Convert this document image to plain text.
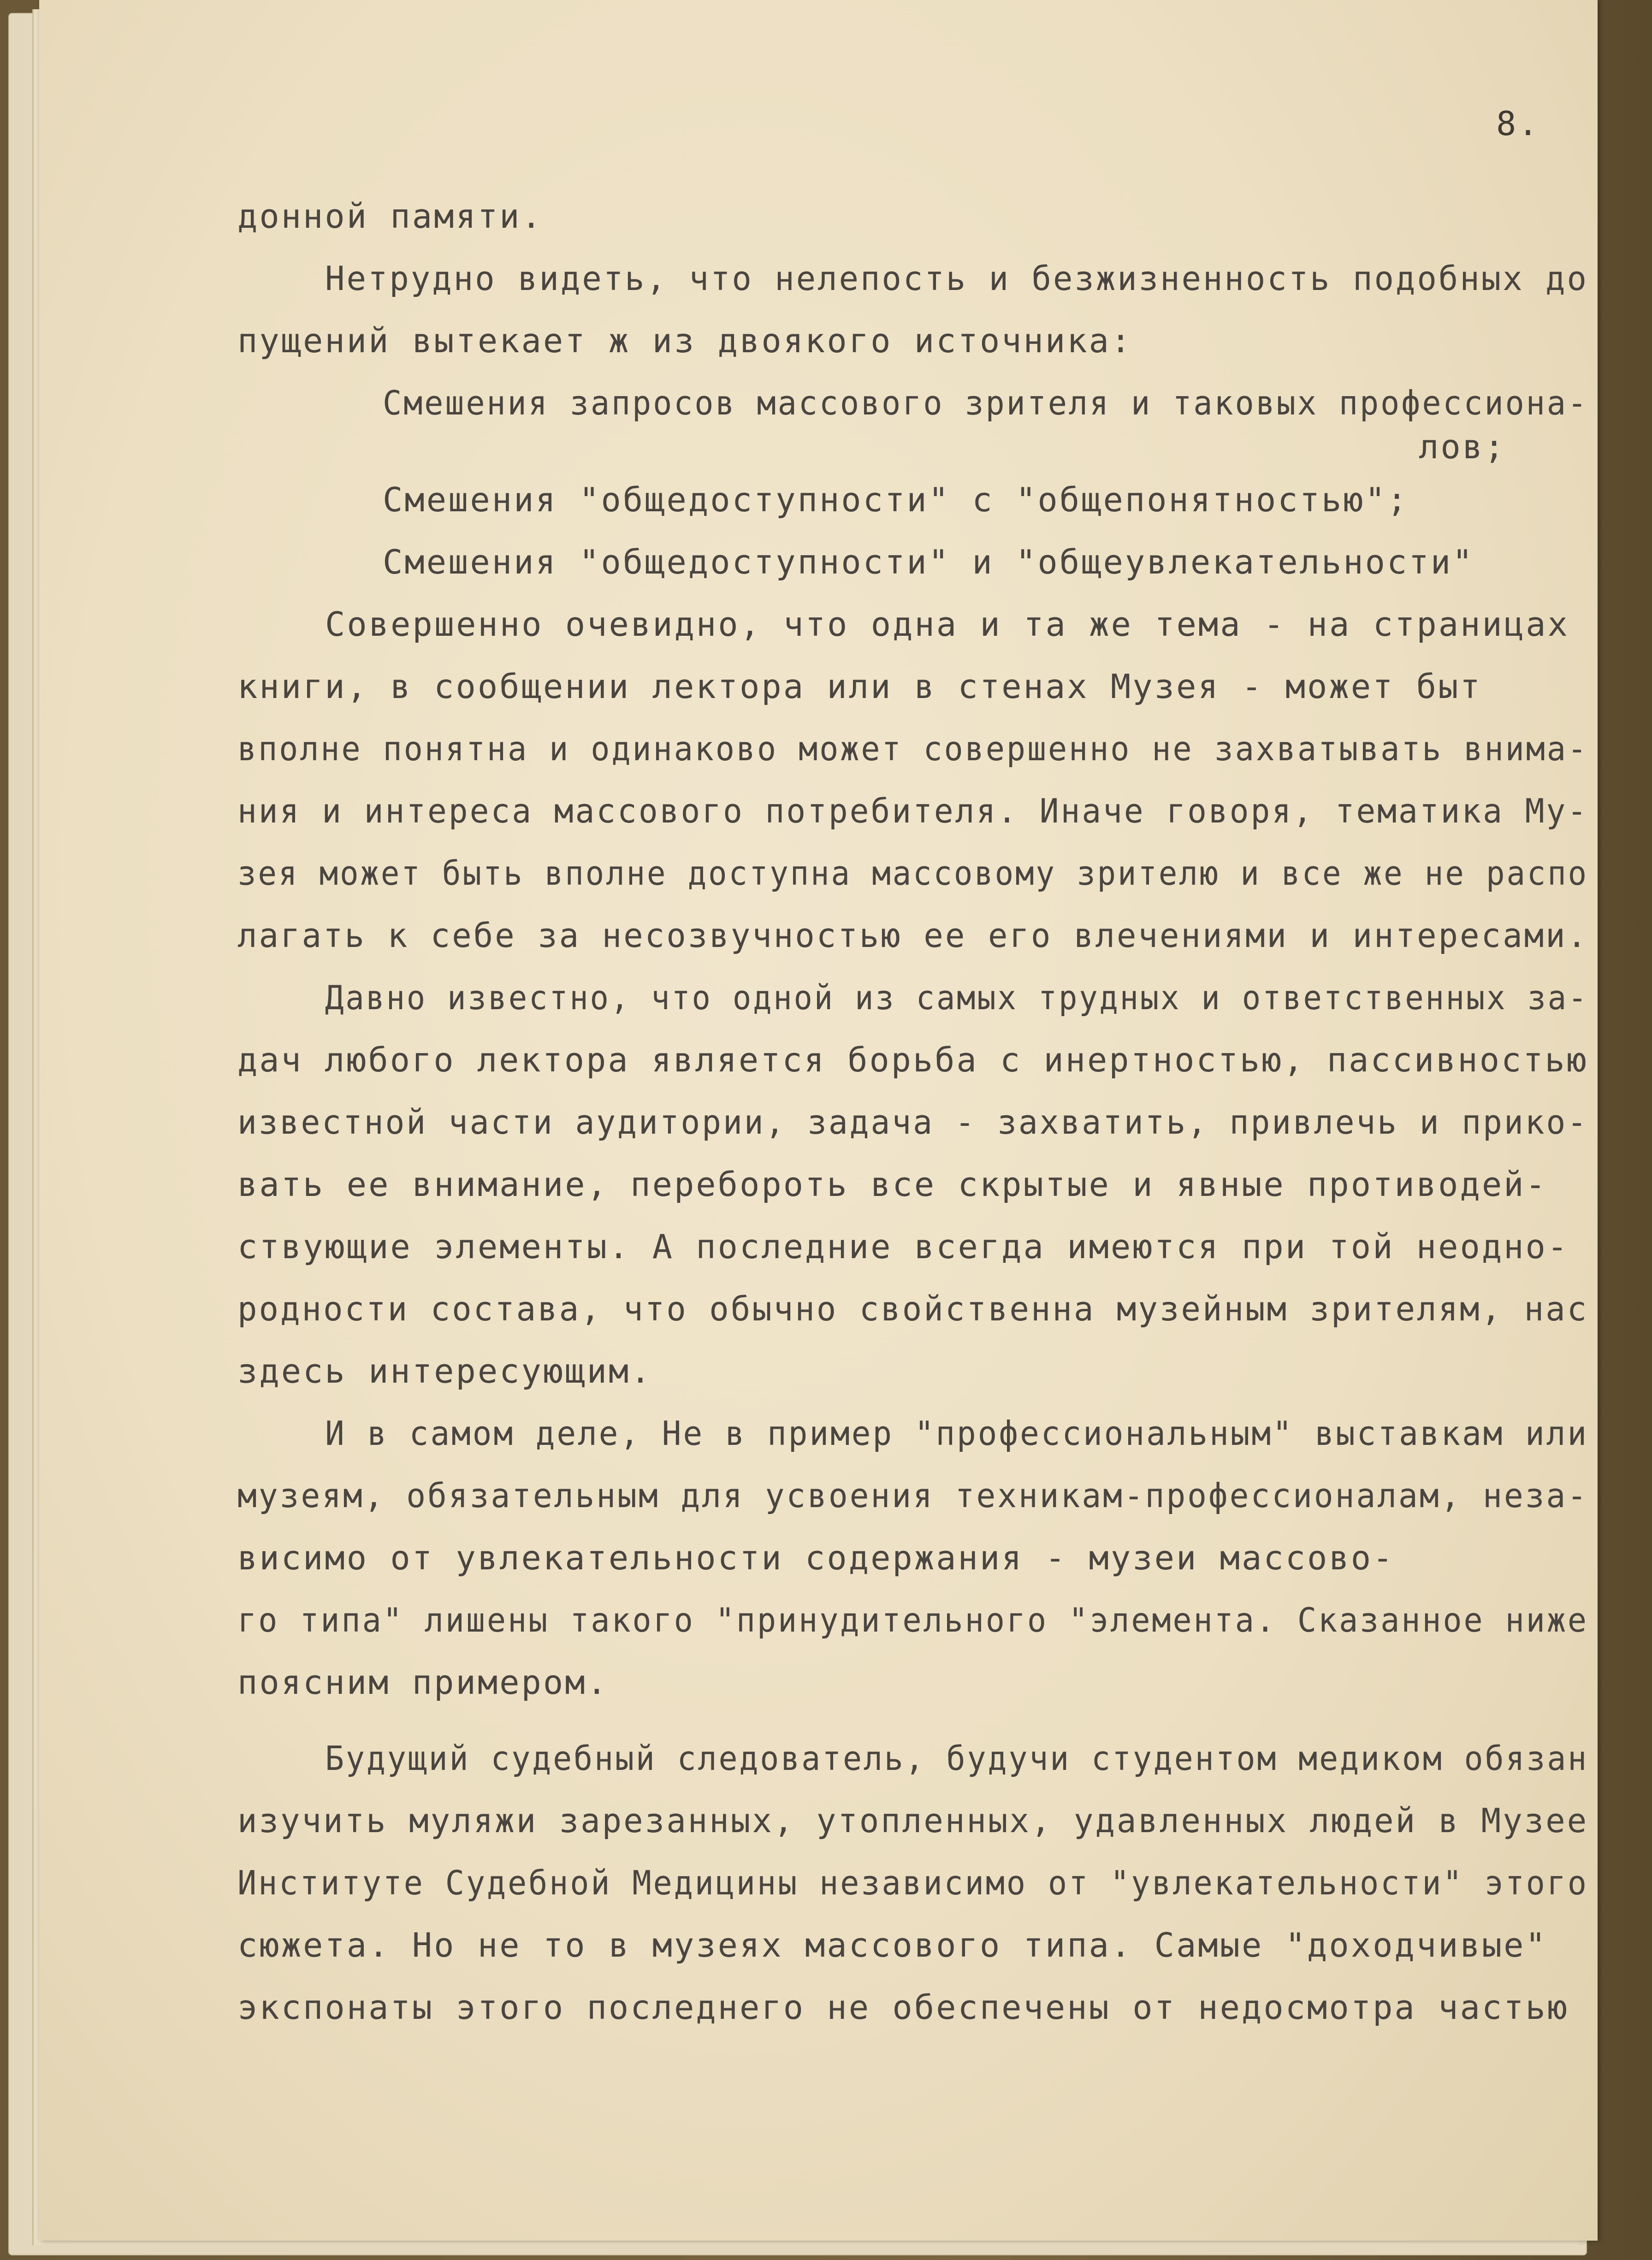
8.

донной памяти.

Нетрудно видеть, что нелепость и безжизненность подобных до

пущений вытекает ж из двоякого источника:

Смешения запросов массового зрителя и таковых профессиона-

лов;

Смешения "общедоступности" с "общепонятностью";

Смешения "общедоступности" и "общеувлекательности"

Совершенно очевидно, что одна и та же тема - на страницах

книги, в сообщении лектора или в стенах Музея - может быт

вполне понятна и одинаково может совершенно не захватывать внима-

ния и интереса массового потребителя. Иначе говоря, тематика Му-

зея может быть вполне доступна массовому зрителю и все же не распо

лагать к себе за несозвучностью ее его влечениями и интересами.

Давно известно, что одной из самых трудных и ответственных за-

дач любого лектора является борьба с инертностью, пассивностью

известной части аудитории, задача - захватить, привлечь и прико-

вать ее внимание, перебороть все скрытые и явные противодей-

ствующие элементы. А последние всегда имеются при той неодно-

родности состава, что обычно свойственна музейным зрителям, нас

здесь интересующим.

И в самом деле, Не в пример "профессиональным" выставкам или

музеям, обязательным для усвоения техникам-профессионалам, неза-

висимо от увлекательности содержания - музеи массово-

го типа" лишены такого "принудительного "элемента. Сказанное ниже

поясним примером.

Будущий судебный следователь, будучи студентом медиком обязан

изучить муляжи зарезанных, утопленных, удавленных людей в Музее

Институте Судебной Медицины независимо от "увлекательности" этого

сюжета. Но не то в музеях массового типа. Самые "доходчивые"

экспонаты этого последнего не обеспечены от недосмотра частью
